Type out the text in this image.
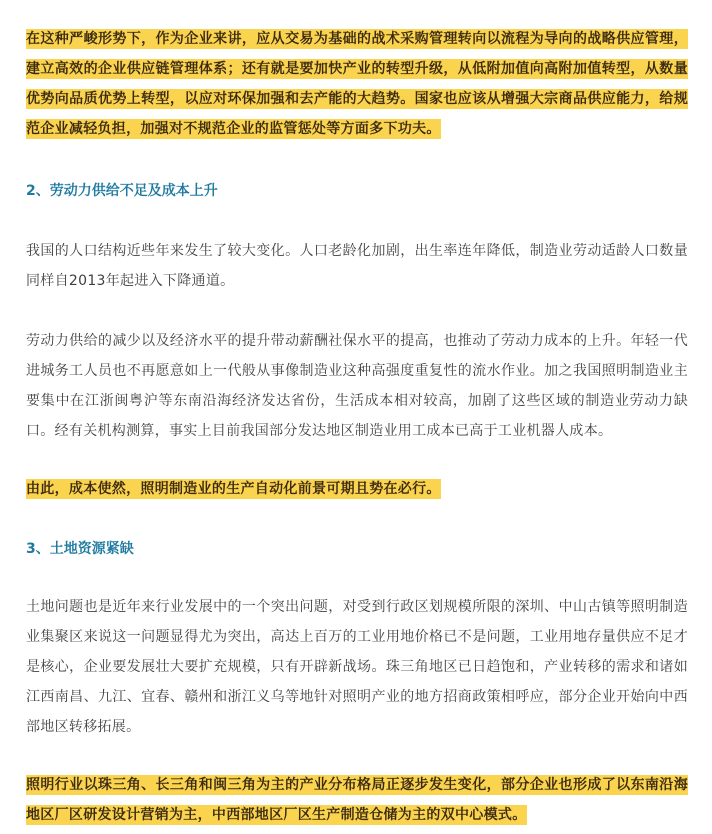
在这种严峻形势下，作为企业来讲，应从交易为基础的战术采购管理转向以流程为导向的战略供应管理，建立高效的企业供应链管理体系；还有就是要加快产业的转型升级，从低附加值向高附加值转型，从数量优势向品质优势上转型，以应对环保加强和去产能的大趋势。国家也应该从增强大宗商品供应能力，给规范企业减轻负担，加强对不规范企业的监管惩处等方面多下功夫。

2、劳动力供给不足及成本上升

我国的人口结构近些年来发生了较大变化。人口老龄化加剧，出生率连年降低，制造业劳动适龄人口数量同样自2013年起进入下降通道。

劳动力供给的减少以及经济水平的提升带动薪酬社保水平的提高，也推动了劳动力成本的上升。年轻一代进城务工人员也不再愿意如上一代般从事像制造业这种高强度重复性的流水作业。加之我国照明制造业主要集中在江浙闽粤沪等东南沿海经济发达省份，生活成本相对较高，加剧了这些区域的制造业劳动力缺口。经有关机构测算，事实上目前我国部分发达地区制造业用工成本已高于工业机器人成本。

由此，成本使然，照明制造业的生产自动化前景可期且势在必行。

3、土地资源紧缺

土地问题也是近年来行业发展中的一个突出问题，对受到行政区划规模所限的深圳、中山古镇等照明制造业集聚区来说这一问题显得尤为突出，高达上百万的工业用地价格已不是问题，工业用地存量供应不足才是核心，企业要发展壮大要扩充规模，只有开辟新战场。珠三角地区已日趋饱和，产业转移的需求和诸如江西南昌、九江、宜春、赣州和浙江义乌等地针对照明产业的地方招商政策相呼应，部分企业开始向中西部地区转移拓展。

照明行业以珠三角、长三角和闽三角为主的产业分布格局正逐步发生变化，部分企业也形成了以东南沿海地区厂区研发设计营销为主，中西部地区厂区生产制造仓储为主的双中心模式。
